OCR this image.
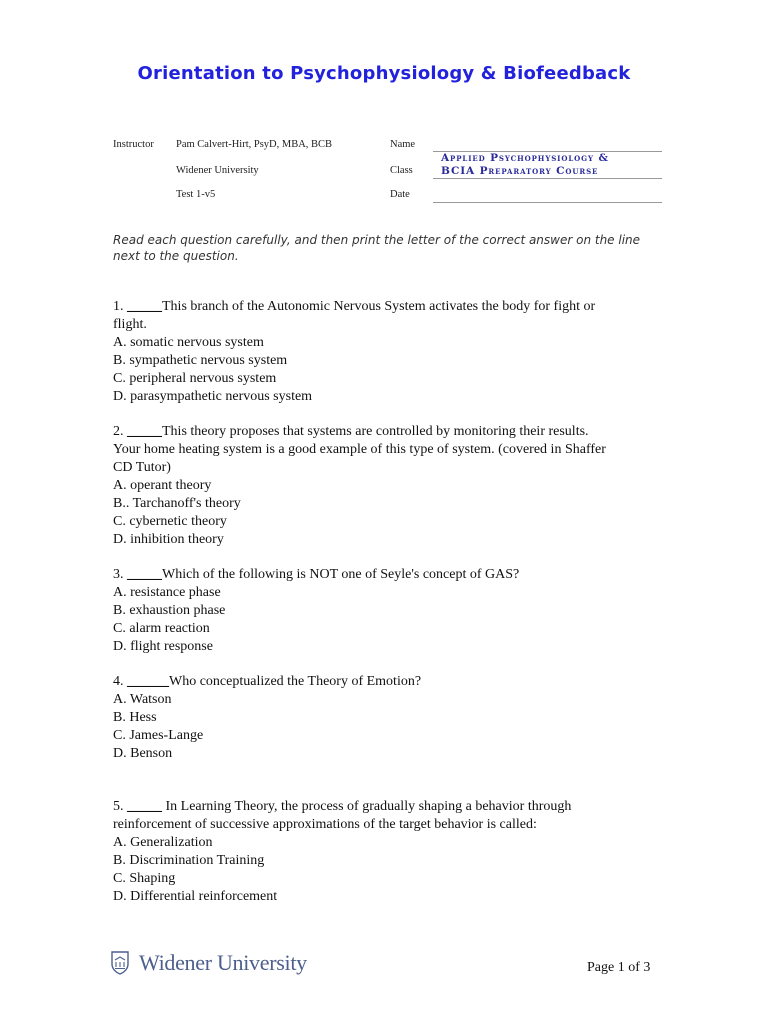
Orientation to Psychophysiology & Biofeedback
Instructor Pam Calvert-Hirt, PsyD, MBA, BCB
Widener University
Test 1-v5
Name
Class
Date
Applied Psychophysiology &
BCIA Preparatory Course
Read each question carefully, and then print the letter of the correct answer on the line next to the question.

1. _____This branch of the Autonomic Nervous System activates the body for fight or

flight.

A. somatic nervous system

B. sympathetic nervous system

C. peripheral nervous system

D. parasympathetic nervous system

2. _____This theory proposes that systems are controlled by monitoring their results.

Your home heating system is a good example of this type of system. (covered in Shaffer

CD Tutor)

A. operant theory

B.. Tarchanoff's theory

C. cybernetic theory

D. inhibition theory

3. _____Which of the following is NOT one of Seyle's concept of GAS?

A. resistance phase

B. exhaustion phase

C. alarm reaction

D. flight response

4. ______Who conceptualized the Theory of Emotion?

A. Watson

B. Hess

C. James-Lange

D. Benson

5. _____ In Learning Theory, the process of gradually shaping a behavior through

reinforcement of successive approximations of the target behavior is called:

A. Generalization

B. Discrimination Training

C. Shaping

D. Differential reinforcement

Widener University	Page 1 of 3
